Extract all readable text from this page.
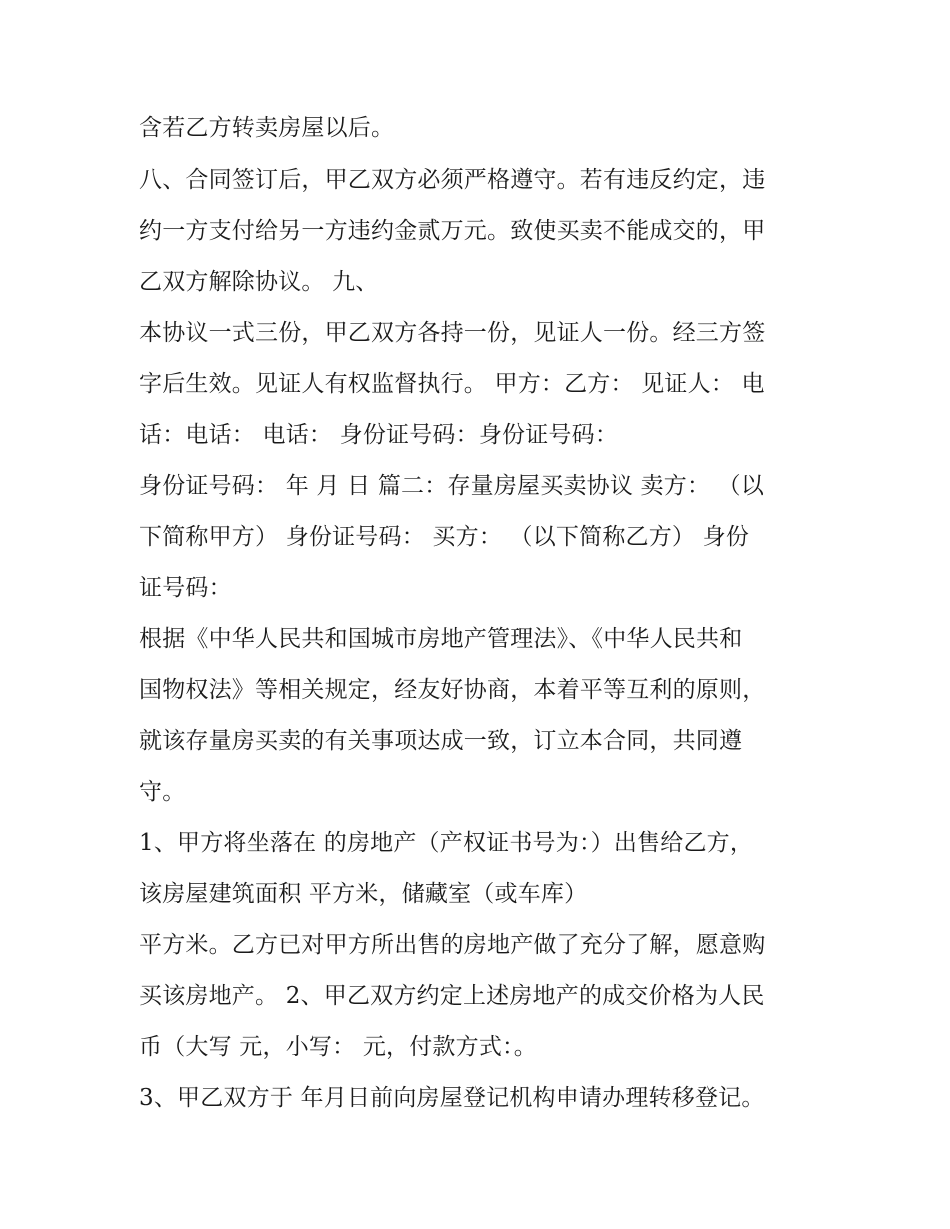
含若乙方转卖房屋以后。
八、合同签订后，甲乙双方必须严格遵守。若有违反约定，违
约一方支付给另一方违约金贰万元。致使买卖不能成交的，甲
乙双方解除协议。 九、
本协议一式三份，甲乙双方各持一份，见证人一份。经三方签
字后生效。见证人有权监督执行。 甲方：乙方： 见证人： 电
话：电话： 电话： 身份证号码：身份证号码：
身份证号码： 年 月 日 篇二：存量房屋买卖协议 卖方： （以
下简称甲方） 身份证号码： 买方： （以下简称乙方） 身份
证号码：
根据《中华人民共和国城市房地产管理法》、《中华人民共和
国物权法》等相关规定，经友好协商，本着平等互利的原则，
就该存量房买卖的有关事项达成一致，订立本合同，共同遵
守。
1、甲方将坐落在 的房地产（产权证书号为：）出售给乙方，
该房屋建筑面积 平方米，储藏室（或车库）
平方米。乙方已对甲方所出售的房地产做了充分了解，愿意购
买该房地产。 2、甲乙双方约定上述房地产的成交价格为人民
币（大写 元，小写： 元，付款方式：。
3、甲乙双方于 年月日前向房屋登记机构申请办理转移登记。
